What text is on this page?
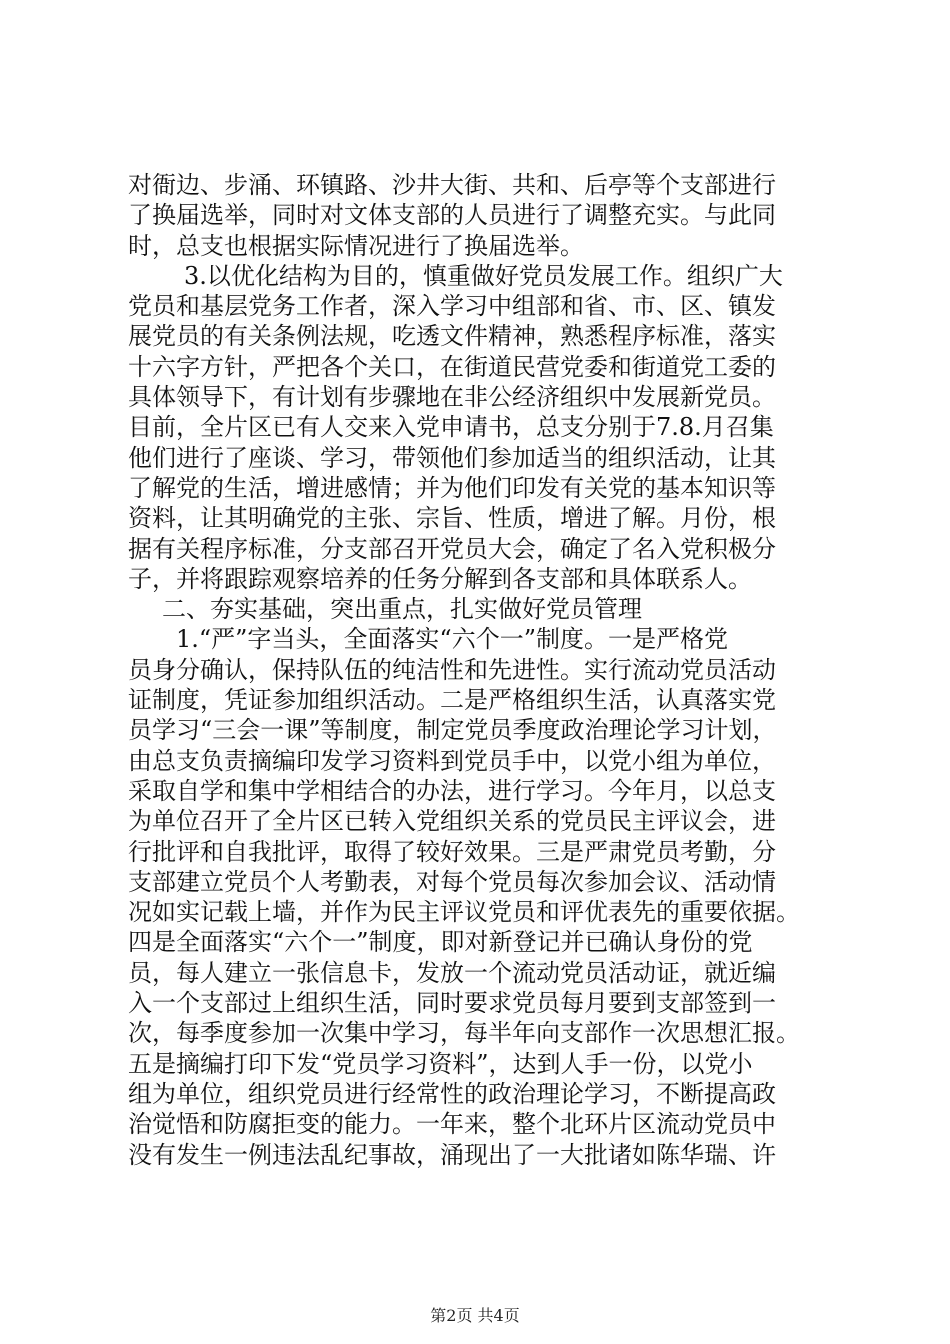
对衙边、步涌、环镇路、沙井大街、共和、后亭等个支部进行
了换届选举，同时对文体支部的人员进行了调整充实。与此同
时，总支也根据实际情况进行了换届选举。
3.以优化结构为目的，慎重做好党员发展工作。组织广大
党员和基层党务工作者，深入学习中组部和省、市、区、镇发
展党员的有关条例法规，吃透文件精神，熟悉程序标准，落实
十六字方针，严把各个关口，在街道民营党委和街道党工委的
具体领导下，有计划有步骤地在非公经济组织中发展新党员。
目前，全片区已有人交来入党申请书，总支分别于7.8.月召集
他们进行了座谈、学习，带领他们参加适当的组织活动，让其
了解党的生活，增进感情；并为他们印发有关党的基本知识等
资料，让其明确党的主张、宗旨、性质，增进了解。月份，根
据有关程序标准，分支部召开党员大会，确定了名入党积极分
子，并将跟踪观察培养的任务分解到各支部和具体联系人。
二、夯实基础，突出重点，扎实做好党员管理
1.“严”字当头，全面落实“六个一”制度。一是严格党
员身分确认，保持队伍的纯洁性和先进性。实行流动党员活动
证制度，凭证参加组织活动。二是严格组织生活，认真落实党
员学习“三会一课”等制度，制定党员季度政治理论学习计划，
由总支负责摘编印发学习资料到党员手中，以党小组为单位，
采取自学和集中学相结合的办法，进行学习。今年月，以总支
为单位召开了全片区已转入党组织关系的党员民主评议会，进
行批评和自我批评，取得了较好效果。三是严肃党员考勤，分
支部建立党员个人考勤表，对每个党员每次参加会议、活动情
况如实记载上墙，并作为民主评议党员和评优表先的重要依据。
四是全面落实“六个一”制度，即对新登记并已确认身份的党
员，每人建立一张信息卡，发放一个流动党员活动证，就近编
入一个支部过上组织生活，同时要求党员每月要到支部签到一
次，每季度参加一次集中学习，每半年向支部作一次思想汇报。
五是摘编打印下发“党员学习资料”，达到人手一份，以党小
组为单位，组织党员进行经常性的政治理论学习，不断提高政
治觉悟和防腐拒变的能力。一年来，整个北环片区流动党员中
没有发生一例违法乱纪事故，涌现出了一大批诸如陈华瑞、许
第2页 共4页
